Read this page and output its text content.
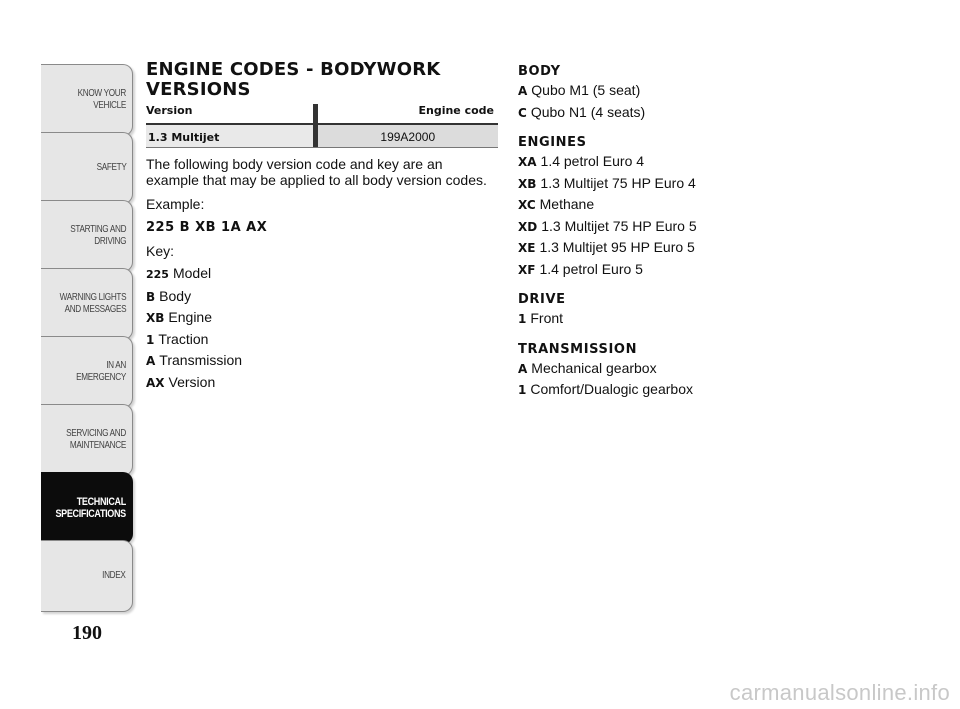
KNOW YOUR
VEHICLE
SAFETY
STARTING AND
DRIVING
WARNING LIGHTS
AND MESSAGES
IN AN EMERGENCY
SERVICING AND
MAINTENANCE
TECHNICAL
SPECIFICATIONS
INDEX
190
ENGINE CODES - BODYWORK
VERSIONS
Version		Engine code
1.3 Multijet		199A2000

The following body version code and key are an example that may be applied to all body version codes.

Example:

225 B XB 1A AX

Key:

225 Model
B Body
XB Engine
1 Traction
A Transmission
AX Version
BODY
A Qubo M1 (5 seat)
C Qubo N1 (4 seats)
ENGINES
XA 1.4 petrol Euro 4
XB 1.3 Multijet 75 HP Euro 4
XC Methane
XD 1.3 Multijet 75 HP Euro 5
XE 1.3 Multijet 95 HP Euro 5
XF 1.4 petrol Euro 5
DRIVE
1 Front
TRANSMISSION
A Mechanical gearbox
1 Comfort/Dualogic gearbox
carmanualsonline.info
